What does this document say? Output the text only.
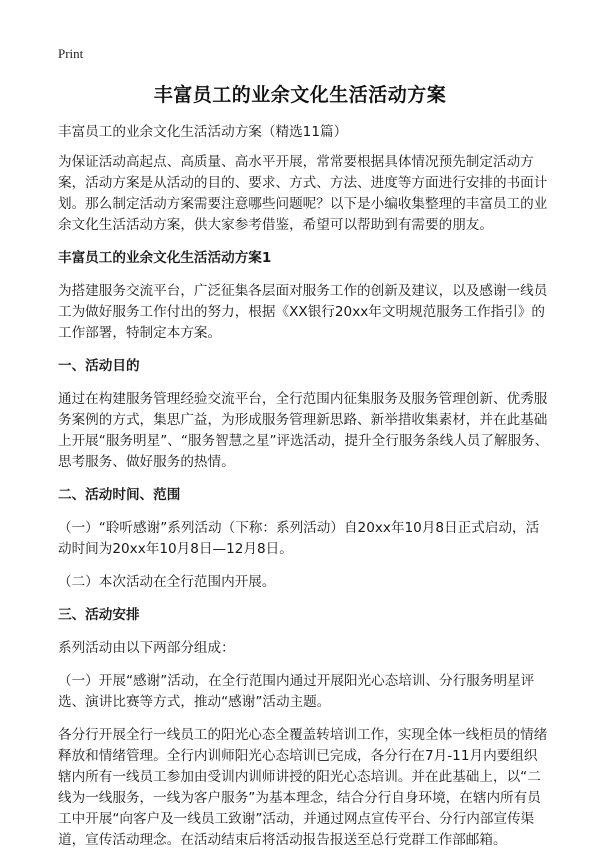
Print
丰富员工的业余文化生活活动方案

丰富员工的业余文化生活活动方案（精选11篇）

为保证活动高起点、高质量、高水平开展，常常要根据具体情况预先制定活动方案，活动方案是从活动的目的、要求、方式、方法、进度等方面进行安排的书面计划。那么制定活动方案需要注意哪些问题呢？以下是小编收集整理的丰富员工的业余文化生活活动方案，供大家参考借鉴，希望可以帮助到有需要的朋友。

丰富员工的业余文化生活活动方案1

为搭建服务交流平台，广泛征集各层面对服务工作的创新及建议，以及感谢一线员工为做好服务工作付出的努力，根据《XX银行20xx年文明规范服务工作指引》的工作部署，特制定本方案。

一、活动目的

通过在构建服务管理经验交流平台，全行范围内征集服务及服务管理创新、优秀服务案例的方式，集思广益，为形成服务管理新思路、新举措收集素材，并在此基础上开展“服务明星”、“服务智慧之星”评选活动，提升全行服务条线人员了解服务、思考服务、做好服务的热情。

二、活动时间、范围

（一）“聆听感谢”系列活动（下称：系列活动）自20xx年10月8日正式启动，活动时间为20xx年10月8日—12月8日。

（二）本次活动在全行范围内开展。

三、活动安排

系列活动由以下两部分组成：

（一）开展“感谢”活动，在全行范围内通过开展阳光心态培训、分行服务明星评选、演讲比赛等方式，推动“感谢”活动主题。

各分行开展全行一线员工的阳光心态全覆盖转培训工作，实现全体一线柜员的情绪释放和情绪管理。全行内训师阳光心态培训已完成，各分行在7月-11月内要组织辖内所有一线员工参加由受训内训师讲授的阳光心态培训。并在此基础上，以“二线为一线服务，一线为客户服务”为基本理念，结合分行自身环境，在辖内所有员工中开展“向客户及一线员工致谢”活动，并通过网点宣传平台、分行内部宣传渠道，宣传活动理念。在活动结束后将活动报告报送至总行党群工作部邮箱。
